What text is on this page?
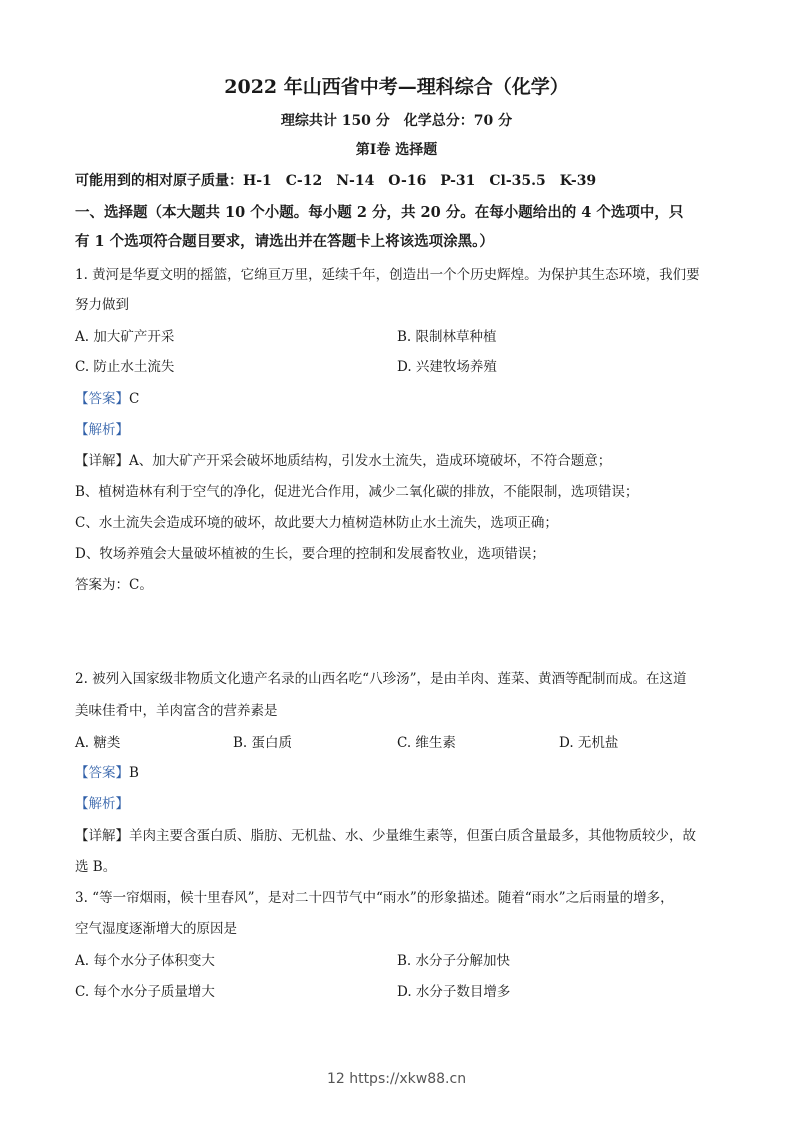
2022 年山西省中考—理科综合（化学）
理综共计 150 分　化学总分：70 分
第Ⅰ卷 选择题
可能用到的相对原子质量：H-1　C-12　N-14　O-16　P-31　Cl-35.5　K-39
一、选择题（本大题共 10 个小题。每小题 2 分，共 20 分。在每小题给出的 4 个选项中，只
有 1 个选项符合题目要求，请选出并在答题卡上将该选项涂黑。）
1. 黄河是华夏文明的摇篮，它绵亘万里，延续千年，创造出一个个历史辉煌。为保护其生态环境，我们要
努力做到
A. 加大矿产开采	B. 限制林草种植
C. 防止水土流失	D. 兴建牧场养殖
【答案】C
【解析】
【详解】A、加大矿产开采会破坏地质结构，引发水土流失，造成环境破坏，不符合题意；
B、植树造林有利于空气的净化，促进光合作用，减少二氧化碳的排放，不能限制，选项错误；
C、水土流失会造成环境的破坏，故此要大力植树造林防止水土流失，选项正确；
D、牧场养殖会大量破坏植被的生长，要合理的控制和发展畜牧业，选项错误；
答案为：C。
2. 被列入国家级非物质文化遗产名录的山西名吃“八珍汤”，是由羊肉、莲菜、黄酒等配制而成。在这道
美味佳肴中，羊肉富含的营养素是
A. 糖类	B. 蛋白质	C. 维生素	D. 无机盐
【答案】B
【解析】
【详解】羊肉主要含蛋白质、脂肪、无机盐、水、少量维生素等，但蛋白质含量最多，其他物质较少，故
选 B。
3. “等一帘烟雨，候十里春风”，是对二十四节气中“雨水”的形象描述。随着“雨水”之后雨量的增多，
空气湿度逐渐增大的原因是
A. 每个水分子体积变大	B. 水分子分解加快
C. 每个水分子质量增大	D. 水分子数目增多
12 https://xkw88.cn
